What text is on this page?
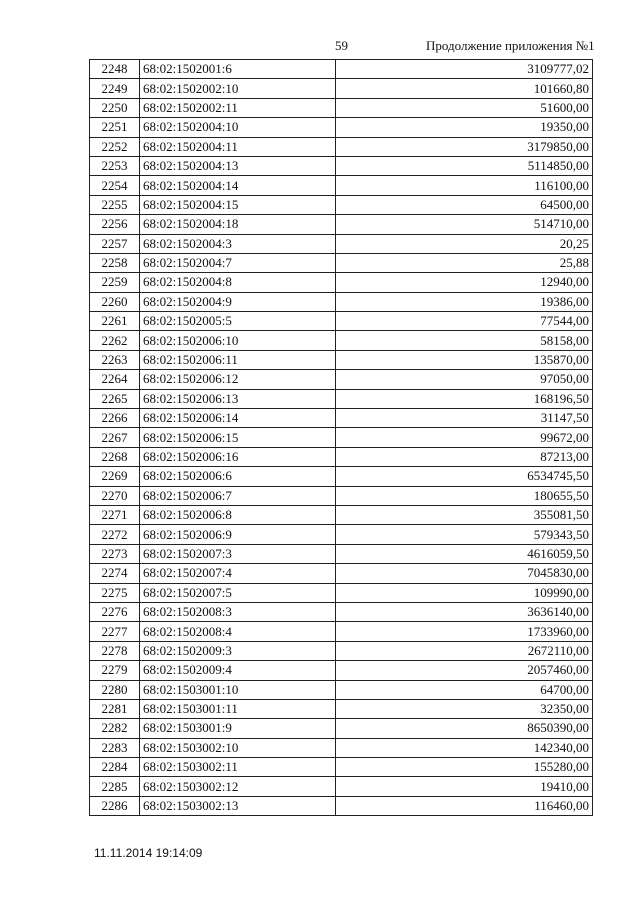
59	Продолжение приложения №1
2248	68:02:1502001:6	3109777,02
2249	68:02:1502002:10	101660,80
2250	68:02:1502002:11	51600,00
2251	68:02:1502004:10	19350,00
2252	68:02:1502004:11	3179850,00
2253	68:02:1502004:13	5114850,00
2254	68:02:1502004:14	116100,00
2255	68:02:1502004:15	64500,00
2256	68:02:1502004:18	514710,00
2257	68:02:1502004:3	20,25
2258	68:02:1502004:7	25,88
2259	68:02:1502004:8	12940,00
2260	68:02:1502004:9	19386,00
2261	68:02:1502005:5	77544,00
2262	68:02:1502006:10	58158,00
2263	68:02:1502006:11	135870,00
2264	68:02:1502006:12	97050,00
2265	68:02:1502006:13	168196,50
2266	68:02:1502006:14	31147,50
2267	68:02:1502006:15	99672,00
2268	68:02:1502006:16	87213,00
2269	68:02:1502006:6	6534745,50
2270	68:02:1502006:7	180655,50
2271	68:02:1502006:8	355081,50
2272	68:02:1502006:9	579343,50
2273	68:02:1502007:3	4616059,50
2274	68:02:1502007:4	7045830,00
2275	68:02:1502007:5	109990,00
2276	68:02:1502008:3	3636140,00
2277	68:02:1502008:4	1733960,00
2278	68:02:1502009:3	2672110,00
2279	68:02:1502009:4	2057460,00
2280	68:02:1503001:10	64700,00
2281	68:02:1503001:11	32350,00
2282	68:02:1503001:9	8650390,00
2283	68:02:1503002:10	142340,00
2284	68:02:1503002:11	155280,00
2285	68:02:1503002:12	19410,00
2286	68:02:1503002:13	116460,00
11.11.2014 19:14:09
